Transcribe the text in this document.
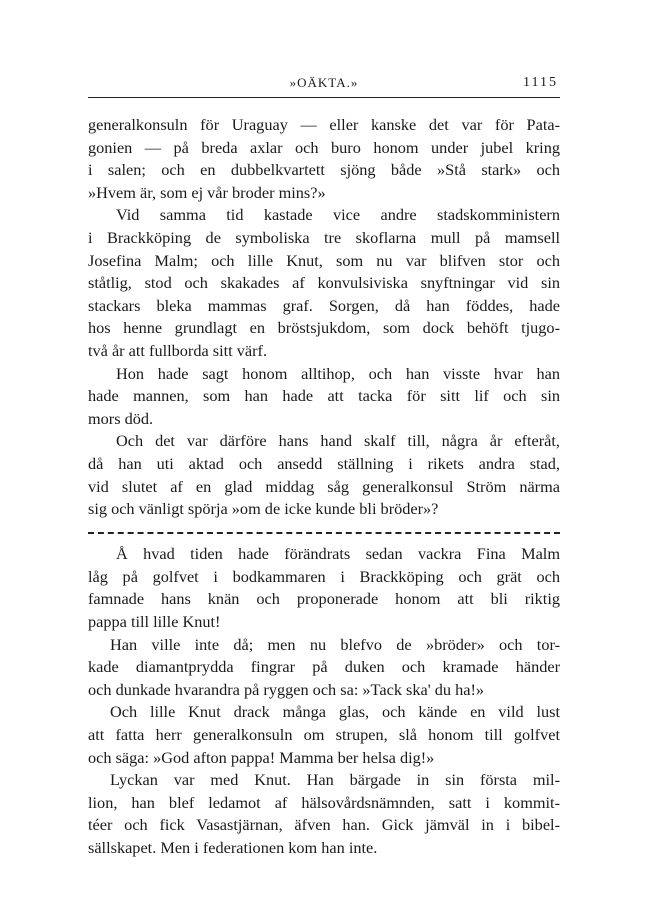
»OÄKTA.»	1115
generalkonsuln för Uraguay — eller kanske det var för Pata-
gonien — på breda axlar och buro honom under jubel kring
i salen; och en dubbelkvartett sjöng både »Stå stark» och
»Hvem är, som ej vår broder mins?»
Vid samma tid kastade vice andre stadskomministern
i Brackköping de symboliska tre skoflarna mull på mamsell
Josefina Malm; och lille Knut, som nu var blifven stor och
ståtlig, stod och skakades af konvulsiviska snyftningar vid sin
stackars bleka mammas graf. Sorgen, då han föddes, hade
hos henne grundlagt en bröstsjukdom, som dock behöft tjugo-
två år att fullborda sitt värf.
Hon hade sagt honom alltihop, och han visste hvar han
hade mannen, som han hade att tacka för sitt lif och sin
mors död.
Och det var därföre hans hand skalf till, några år efteråt,
då han uti aktad och ansedd ställning i rikets andra stad,
vid slutet af en glad middag såg generalkonsul Ström närma
sig och vänligt spörja »om de icke kunde bli bröder»?
Å hvad tiden hade förändrats sedan vackra Fina Malm
låg på golfvet i bodkammaren i Brackköping och grät och
famnade hans knän och proponerade honom att bli riktig
pappa till lille Knut!
Han ville inte då; men nu blefvo de »bröder» och tor-
kade diamantprydda fingrar på duken och kramade händer
och dunkade hvarandra på ryggen och sa: »Tack ska' du ha!»
Och lille Knut drack många glas, och kände en vild lust
att fatta herr generalkonsuln om strupen, slå honom till golfvet
och säga: »God afton pappa! Mamma ber helsa dig!»
Lyckan var med Knut. Han bärgade in sin första mil-
lion, han blef ledamot af hälsovårdsnämnden, satt i kommit-
téer och fick Vasastjärnan, äfven han. Gick jämväl in i bibel-
sällskapet. Men i federationen kom han inte.
